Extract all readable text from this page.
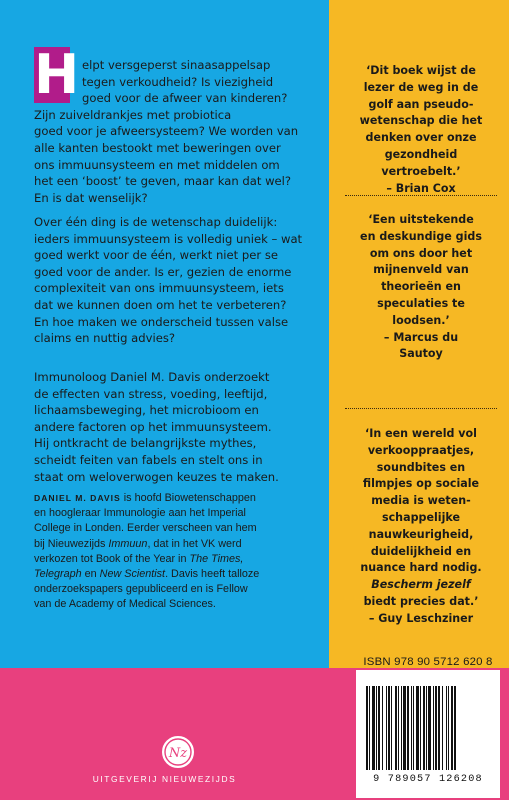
H elpt versgeperst sinaasappelsap
tegen verkoudheid? Is viezigheid
goed voor de afweer van kinderen?
Zijn zuiveldrankjes met probiotica
goed voor je afweersysteem? We worden van
alle kanten bestookt met beweringen over
ons immuunsysteem en met middelen om
het een ‘boost’ te geven, maar kan dat wel?
En is dat wenselijk?

Over één ding is de wetenschap duidelijk:
ieders immuunsysteem is volledig uniek – wat
goed werkt voor de één, werkt niet per se
goed voor de ander. Is er, gezien de enorme
complexiteit van ons immuunsysteem, iets
dat we kunnen doen om het te verbeteren?
En hoe maken we onderscheid tussen valse
claims en nuttig advies?

Immunoloog Daniel M. Davis onderzoekt
de effecten van stress, voeding, leeftijd,
lichaamsbeweging, het microbioom en
andere factoren op het immuunsysteem.
Hij ontkracht de belangrijkste mythes,
scheidt feiten van fabels en stelt ons in
staat om weloverwogen keuzes te maken.

DANIEL M. DAVIS is hoofd Biowetenschappen
en hoogleraar Immunologie aan het Imperial
College in Londen. Eerder verscheen van hem
bij Nieuwezijds Immuun, dat in het VK werd
verkozen tot Book of the Year in The Times,
Telegraph en New Scientist. Davis heeft talloze
onderzoekspapers gepubliceerd en is Fellow
van de Academy of Medical Sciences.

‘Dit boek wijst de
lezer de weg in de
golf aan pseudo-
wetenschap die het
denken over onze
gezondheid
vertroebelt.’
– Brian Cox

‘Een uitstekende
en deskundige gids
om ons door het
mijnenveld van
theorieën en
speculaties te
loodsen.’
– Marcus du
Sautoy

‘In een wereld vol
verkooppraatjes,
soundbites en
filmpjes op sociale
media is weten-
schappelijke
nauwkeurigheid,
duidelijkheid en
nuance hard nodig.
Bescherm jezelf
biedt precies dat.’
– Guy Leschziner

ISBN 978 90 5712 620 8
9 789057 126208
Nz
UITGEVERIJ NIEUWEZIJDS
